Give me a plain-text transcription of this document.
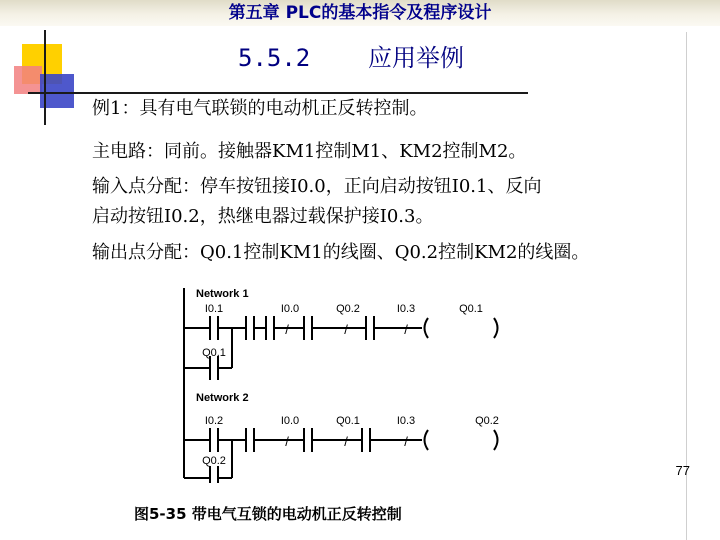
第五章 PLC的基本指令及程序设计
5.5.2    应用举例
例1：具有电气联锁的电动机正反转控制。
主电路：同前。接触器KM1控制M1、KM2控制M2。
输入点分配：停车按钮接I0.0，正向启动按钮I0.1、反向
启动按钮I0.2，热继电器过载保护接I0.3。
输出点分配：Q0.1控制KM1的线圈、Q0.2控制KM2的线圈。
/	/	/
/	/	/
Network 1
I0.1	I0.0	Q0.2	I0.3	Q0.1
Q0.1
Network 2
I0.2	I0.0	Q0.1	I0.3	Q0.2
Q0.2
77
图5-35 带电气互锁的电动机正反转控制
